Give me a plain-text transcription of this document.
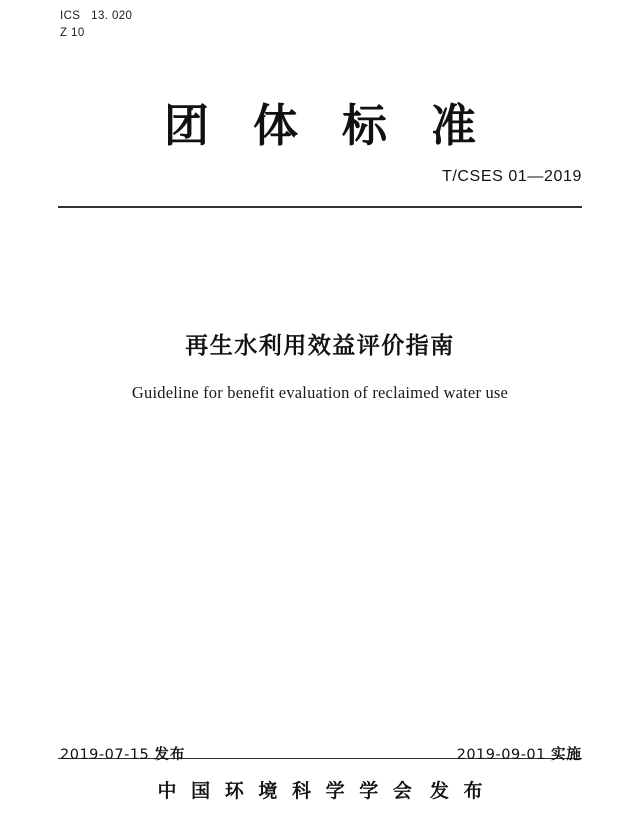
ICS 13. 020
Z 10
团体标准
T/CSES 01—2019
再生水利用效益评价指南
Guideline for benefit evaluation of reclaimed water use
2019-07-15 发布	2019-09-01 实施
中 国 环 境 科 学 学 会 发 布
